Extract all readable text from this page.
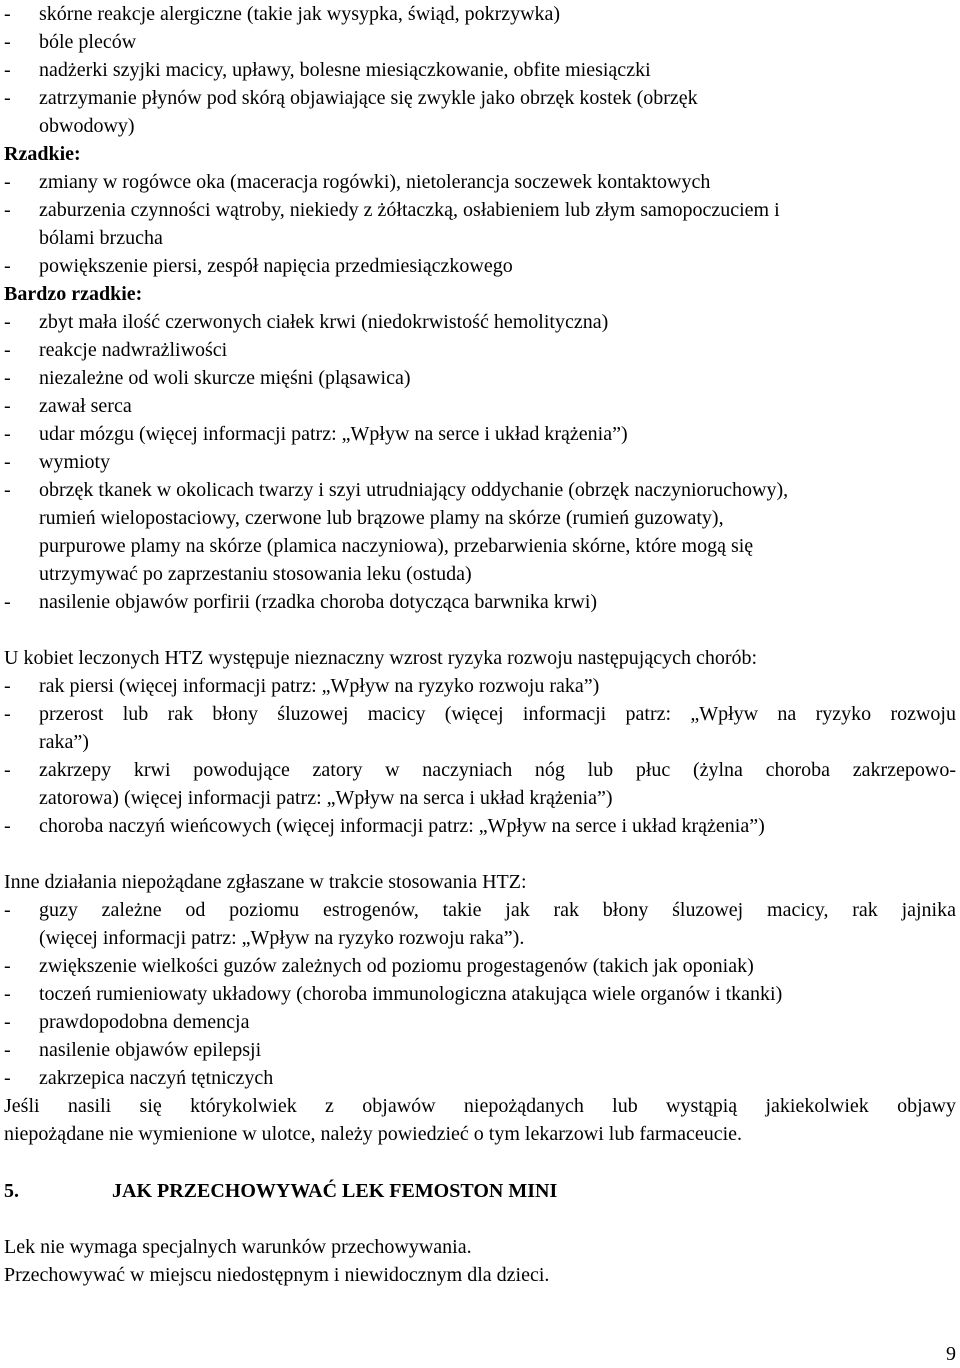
-	skórne reakcje alergiczne (takie jak wysypka, świąd, pokrzywka)
-	bóle pleców
-	nadżerki szyjki macicy, upławy, bolesne miesiączkowanie, obfite miesiączki
-	zatrzymanie płynów pod skórą objawiające się zwykle jako obrzęk kostek (obrzęk
obwodowy)
Rzadkie:
-	zmiany w rogówce oka (maceracja rogówki), nietolerancja soczewek kontaktowych
-	zaburzenia czynności wątroby, niekiedy z żółtaczką, osłabieniem lub złym samopoczuciem i
bólami brzucha
-	powiększenie piersi, zespół napięcia przedmiesiączkowego
Bardzo rzadkie:
-	zbyt mała ilość czerwonych ciałek krwi (niedokrwistość hemolityczna)
-	reakcje nadwrażliwości
-	niezależne od woli skurcze mięśni (pląsawica)
-	zawał serca
-	udar mózgu (więcej informacji patrz: „Wpływ na serce i układ krążenia”)
-	wymioty
-	obrzęk tkanek w okolicach twarzy i szyi utrudniający oddychanie (obrzęk naczynioruchowy),
rumień wielopostaciowy, czerwone lub brązowe plamy na skórze (rumień guzowaty),
purpurowe plamy na skórze (plamica naczyniowa), przebarwienia skórne, które mogą się
utrzymywać po zaprzestaniu stosowania leku (ostuda)
-	nasilenie objawów porfirii (rzadka choroba dotycząca barwnika krwi)
U kobiet leczonych HTZ występuje nieznaczny wzrost ryzyka rozwoju następujących chorób:
-	rak piersi (więcej informacji patrz: „Wpływ na ryzyko rozwoju raka”)
-	przerost lub rak błony śluzowej macicy (więcej informacji patrz: „Wpływ na ryzyko rozwoju
raka”)
-	zakrzepy krwi powodujące zatory w naczyniach nóg lub płuc (żylna choroba zakrzepowo-
zatorowa) (więcej informacji patrz: „Wpływ na serca i układ krążenia”)
-	choroba naczyń wieńcowych (więcej informacji patrz: „Wpływ na serce i układ krążenia”)
Inne działania niepożądane zgłaszane w trakcie stosowania HTZ:
-	guzy zależne od poziomu estrogenów, takie jak rak błony śluzowej macicy, rak jajnika
(więcej informacji patrz: „Wpływ na ryzyko rozwoju raka”).
-	zwiększenie wielkości guzów zależnych od poziomu progestagenów (takich jak oponiak)
-	toczeń rumieniowaty układowy (choroba immunologiczna atakująca wiele organów i tkanki)
-	prawdopodobna demencja
-	nasilenie objawów epilepsji
-	zakrzepica naczyń tętniczych
Jeśli nasili się którykolwiek z objawów niepożądanych lub wystąpią jakiekolwiek objawy
niepożądane nie wymienione w ulotce, należy powiedzieć o tym lekarzowi lub farmaceucie.
5.	JAK PRZECHOWYWAĆ LEK FEMOSTON MINI
Lek nie wymaga specjalnych warunków przechowywania.
Przechowywać w miejscu niedostępnym i niewidocznym dla dzieci.
9
